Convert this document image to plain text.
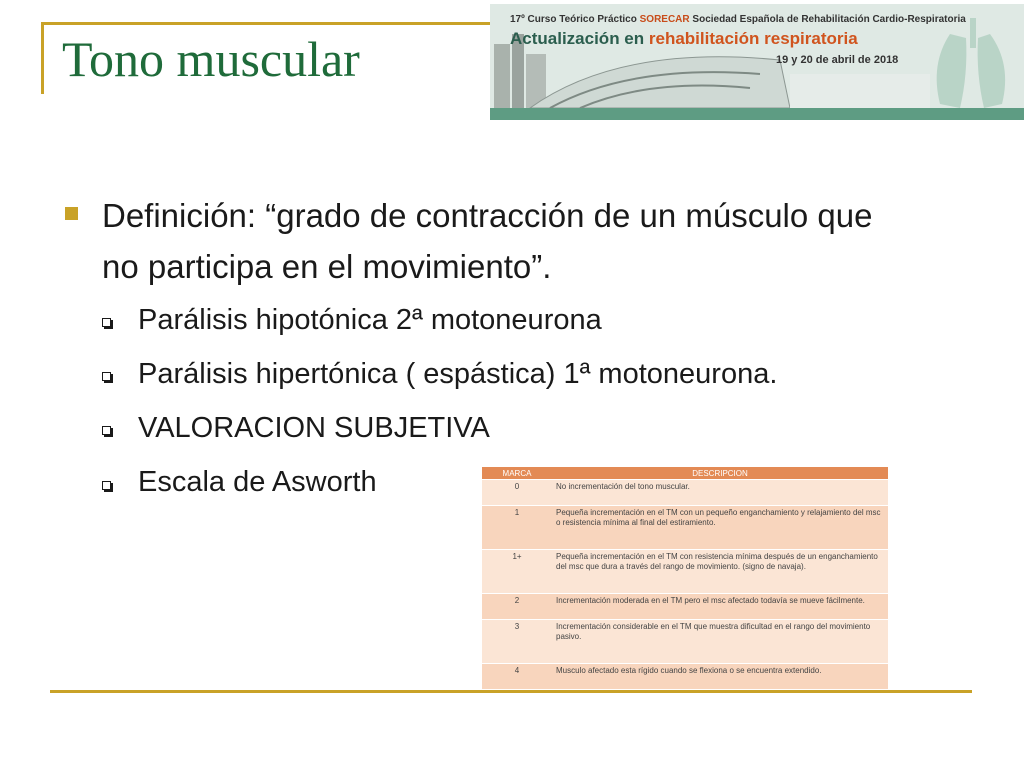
Tono muscular
17º Curso Teórico Práctico SORECAR Sociedad Española de Rehabilitación Cardio-Respiratoria
Actualización en rehabilitación respiratoria
19 y 20 de abril de 2018
Definición: “grado de contracción de un músculo que no participa en el movimiento”.
Parálisis hipotónica 2ª motoneurona
Parálisis hipertónica ( espástica) 1ª motoneurona.
VALORACION SUBJETIVA
Escala de Asworth	MARCA	DESCRIPCION
0	No incrementación del tono muscular.
1	Pequeña incrementación en el TM con un pequeño enganchamiento y relajamiento del msc o resistencia mínima al final del estiramiento.
1+	Pequeña incrementación en el TM con resistencia mínima después de un enganchamiento del msc que dura a través del rango de movimiento. (signo de navaja).
2	Incrementación moderada en el TM pero el msc afectado todavía se mueve fácilmente.
3	Incrementación considerable en el TM que muestra dificultad en el rango del movimiento pasivo.
4	Musculo afectado esta rígido cuando se flexiona o se encuentra extendido.
